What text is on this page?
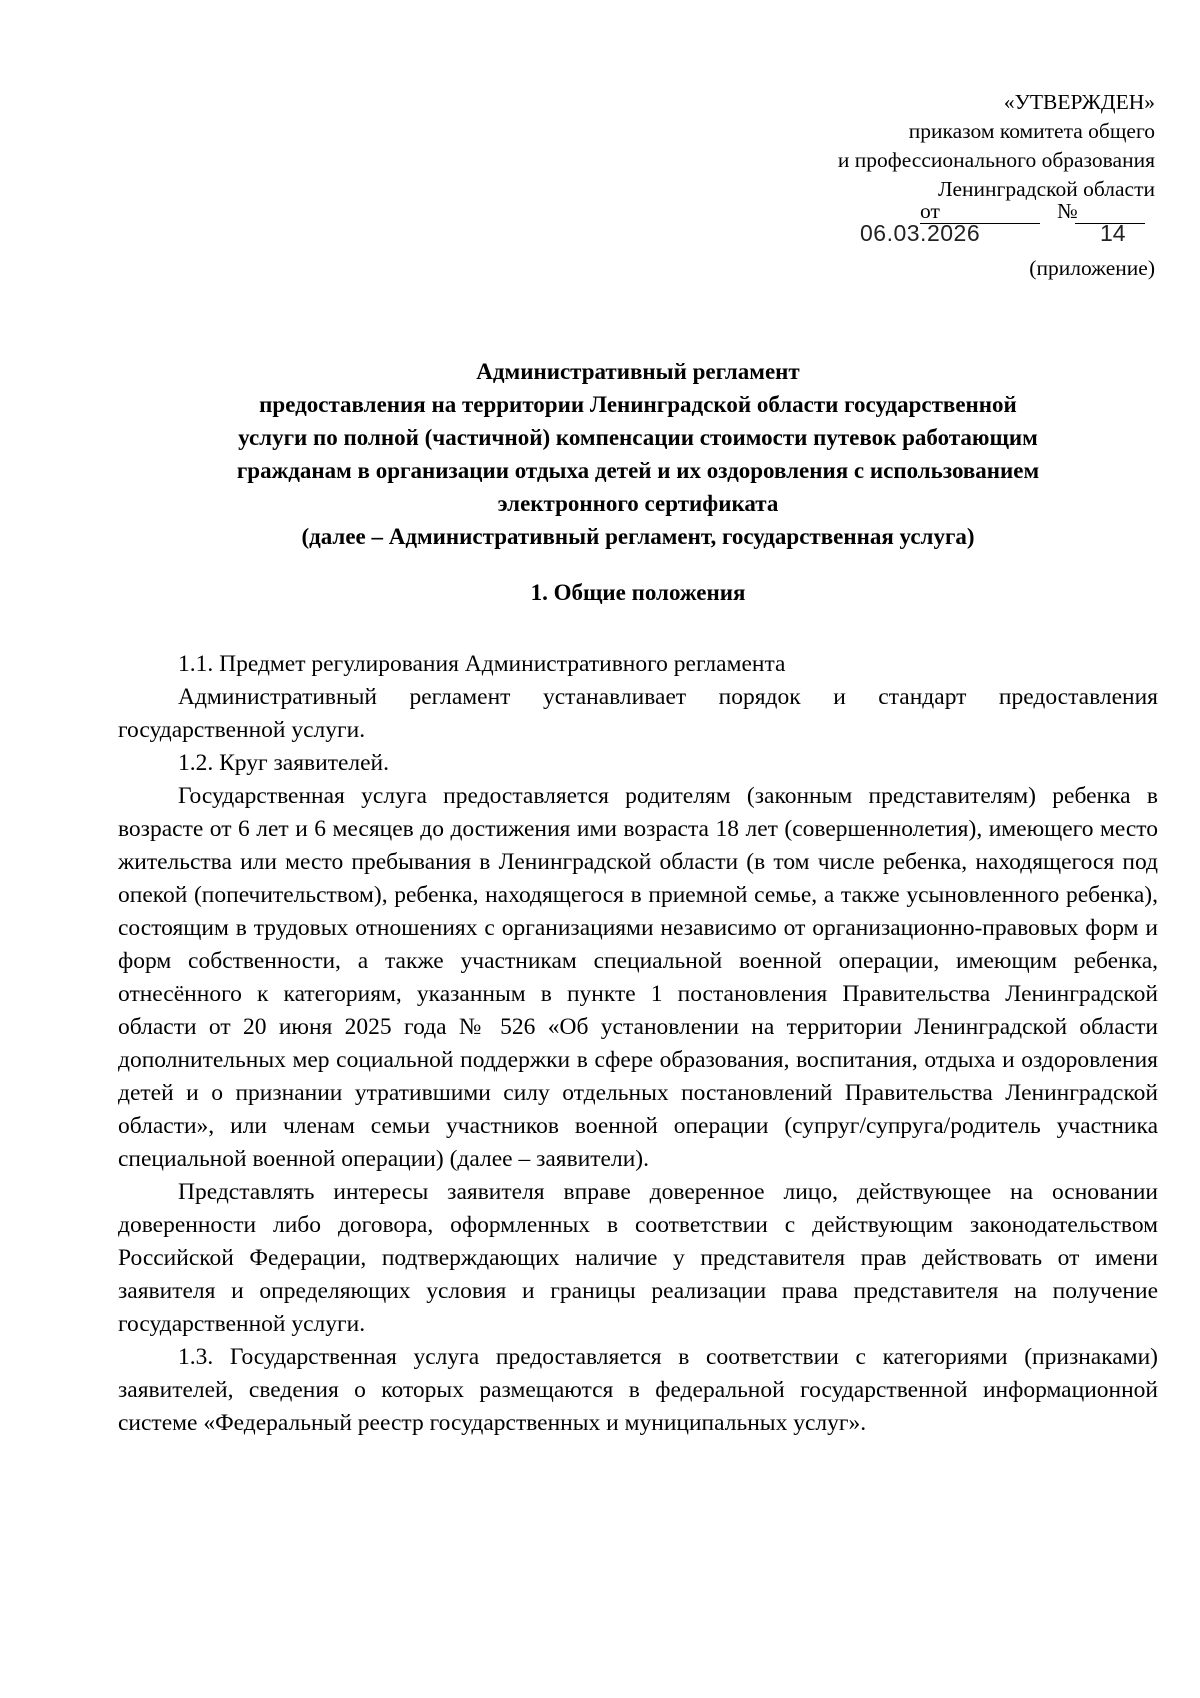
«УТВЕРЖДЕН»
приказом комитета общего
и профессионального образования
Ленинградской области
от	№
06.03.2026	14
(приложение)
Административный регламент
предоставления на территории Ленинградской области государственной
услуги по полной (частичной) компенсации стоимости путевок работающим
гражданам в организации отдыха детей и их оздоровления с использованием
электронного сертификата
(далее – Административный регламент, государственная услуга)
1. Общие положения

1.1. Предмет регулирования Административного регламента

Административный регламент устанавливает порядок и стандарт предоставления государственной услуги.

1.2. Круг заявителей.

Государственная услуга предоставляется родителям (законным представителям) ребенка в возрасте от 6 лет и 6 месяцев до достижения ими возраста 18 лет (совершеннолетия), имеющего место жительства или место пребывания в Ленинградской области (в том числе ребенка, находящегося под опекой (попечительством), ребенка, находящегося в приемной семье, а также усыновленного ребенка), состоящим в трудовых отношениях с организациями независимо от организационно-правовых форм и форм собственности, а также участникам специальной военной операции, имеющим ребенка, отнесённого к категориям, указанным в пункте 1 постановления Правительства Ленинградской области от 20 июня 2025 года № 526 «Об установлении на территории Ленинградской области дополнительных мер социальной поддержки в сфере образования, воспитания, отдыха и оздоровления детей и о признании утратившими силу отдельных постановлений Правительства Ленинградской области», или членам семьи участников военной операции (супруг/супруга/родитель участника специальной военной операции) (далее – заявители).

Представлять интересы заявителя вправе доверенное лицо, действующее на основании доверенности либо договора, оформленных в соответствии с действующим законодательством Российской Федерации, подтверждающих наличие у представителя прав действовать от имени заявителя и определяющих условия и границы реализации права представителя на получение государственной услуги.

1.3. Государственная услуга предоставляется в соответствии с категориями (признаками) заявителей, сведения о которых размещаются в федеральной государственной информационной системе «Федеральный реестр государственных и муниципальных услуг».
